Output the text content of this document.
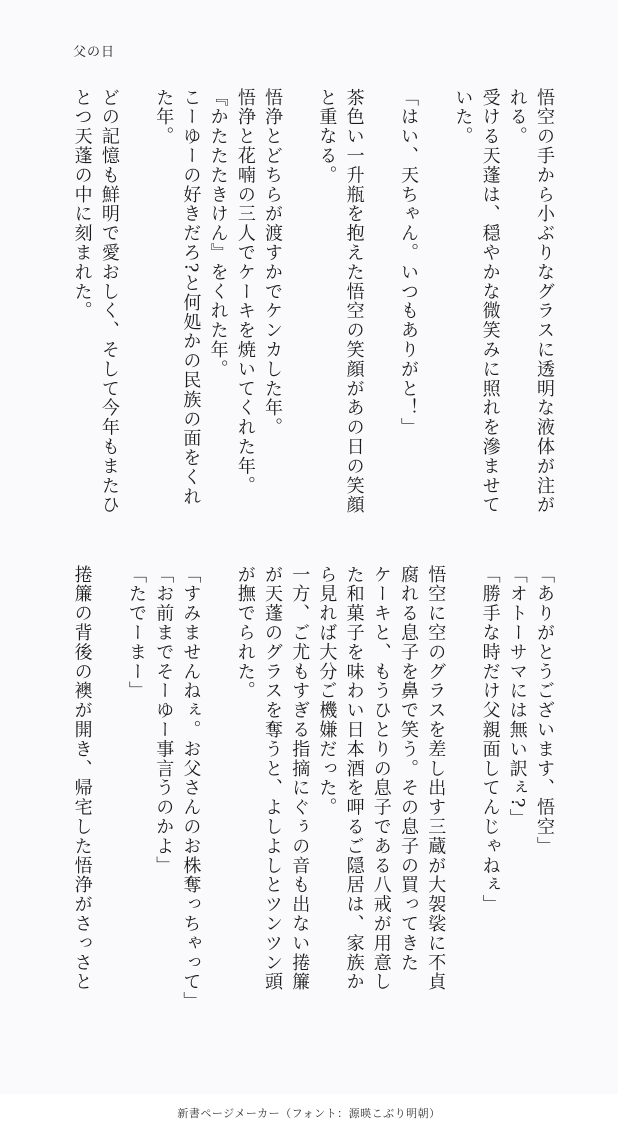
父の日
悟空の手から小ぶりなグラスに透明な液体が注が
れる。
受ける天蓬は、穏やかな微笑みに照れを滲ませて
いた。
「はい、天ちゃん。いつもありがと！」
茶色い一升瓶を抱えた悟空の笑顔があの日の笑顔
と重なる。
悟浄とどちらが渡すかでケンカした年。
悟浄と花喃の三人でケーキを焼いてくれた年。
『かたたたきけん』をくれた年。
こーゆーの好きだろ?と何処かの民族の面をくれ
た年。
どの記憶も鮮明で愛おしく、そして今年もまたひ
とつ天蓬の中に刻まれた。
「ありがとうございます、悟空」
「オトーサマには無い訳ぇ?」
「勝手な時だけ父親面してんじゃねぇ」
悟空に空のグラスを差し出す三蔵が大袈裟に不貞
腐れる息子を鼻で笑う。その息子の買ってきた
ケーキと、もうひとりの息子である八戒が用意し
た和菓子を味わい日本酒を呷るご隠居は、家族か
ら見れば大分ご機嫌だった。
一方、ご尤もすぎる指摘にぐぅの音も出ない捲簾
が天蓬のグラスを奪うと、よしよしとツンツン頭
が撫でられた。
「すみませんねぇ。お父さんのお株奪っちゃって」
「お前までそーゆー事言うのかよ」
「たでーまー」
捲簾の背後の襖が開き、帰宅した悟浄がさっさと
新書ページメーカー（フォント：源暎こぶり明朝）
